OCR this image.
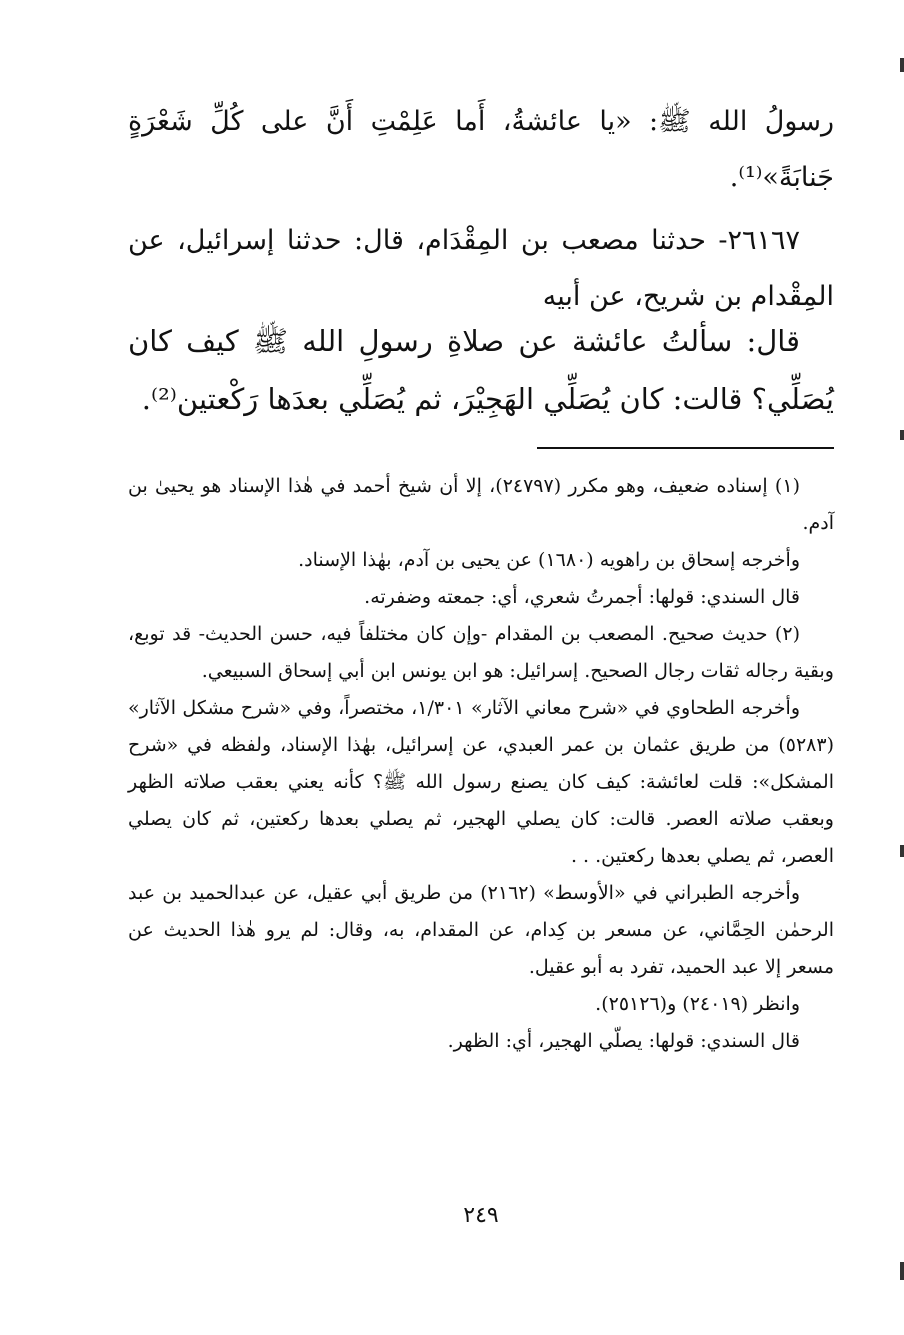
رسولُ الله ﷺ: «يا عائشةُ، أَما عَلِمْتِ أَنَّ على كُلِّ شَعْرَةٍ جَنابَةً»⁽¹⁾.

٢٦١٦٧- حدثنا مصعب بن المِقْدَام، قال: حدثنا إسرائيل، عن المِقْدام بن شريح، عن أبيه

قال: سألتُ عائشة عن صلاةِ رسولِ الله ﷺ كيف كان يُصَلِّي؟ قالت: كان يُصَلِّي الهَجِيْرَ، ثم يُصَلِّي بعدَها رَكْعتين⁽²⁾.

(١) إسناده ضعيف، وهو مكرر (٢٤٧٩٧)، إلا أن شيخ أحمد في هٰذا الإسناد هو يحيىٰ بن آدم.

وأخرجه إسحاق بن راهويه (١٦٨٠) عن يحيى بن آدم، بهٰذا الإسناد.

قال السندي: قولها: أجمرتُ شعري، أي: جمعته وضفرته.

(٢) حديث صحيح. المصعب بن المقدام -وإن كان مختلفاً فيه، حسن الحديث- قد توبع، وبقية رجاله ثقات رجال الصحيح. إسرائيل: هو ابن يونس ابن أبي إسحاق السبيعي.

وأخرجه الطحاوي في «شرح معاني الآثار» ١/٣٠١، مختصراً، وفي «شرح مشكل الآثار» (٥٢٨٣) من طريق عثمان بن عمر العبدي، عن إسرائيل، بهٰذا الإسناد، ولفظه في «شرح المشكل»: قلت لعائشة: كيف كان يصنع رسول الله ﷺ؟ كأنه يعني بعقب صلاته الظهر وبعقب صلاته العصر. قالت: كان يصلي الهجير، ثم يصلي بعدها ركعتين، ثم كان يصلي العصر، ثم يصلي بعدها ركعتين. . .

وأخرجه الطبراني في «الأوسط» (٢١٦٢) من طريق أبي عقيل، عن عبدالحميد بن عبد الرحمٰن الحِمَّاني، عن مسعر بن كِدام، عن المقدام، به، وقال: لم يرو هٰذا الحديث عن مسعر إلا عبد الحميد، تفرد به أبو عقيل.

وانظر (٢٤٠١٩) و(٢٥١٢٦).

قال السندي: قولها: يصلّي الهجير، أي: الظهر.

٢٤٩
